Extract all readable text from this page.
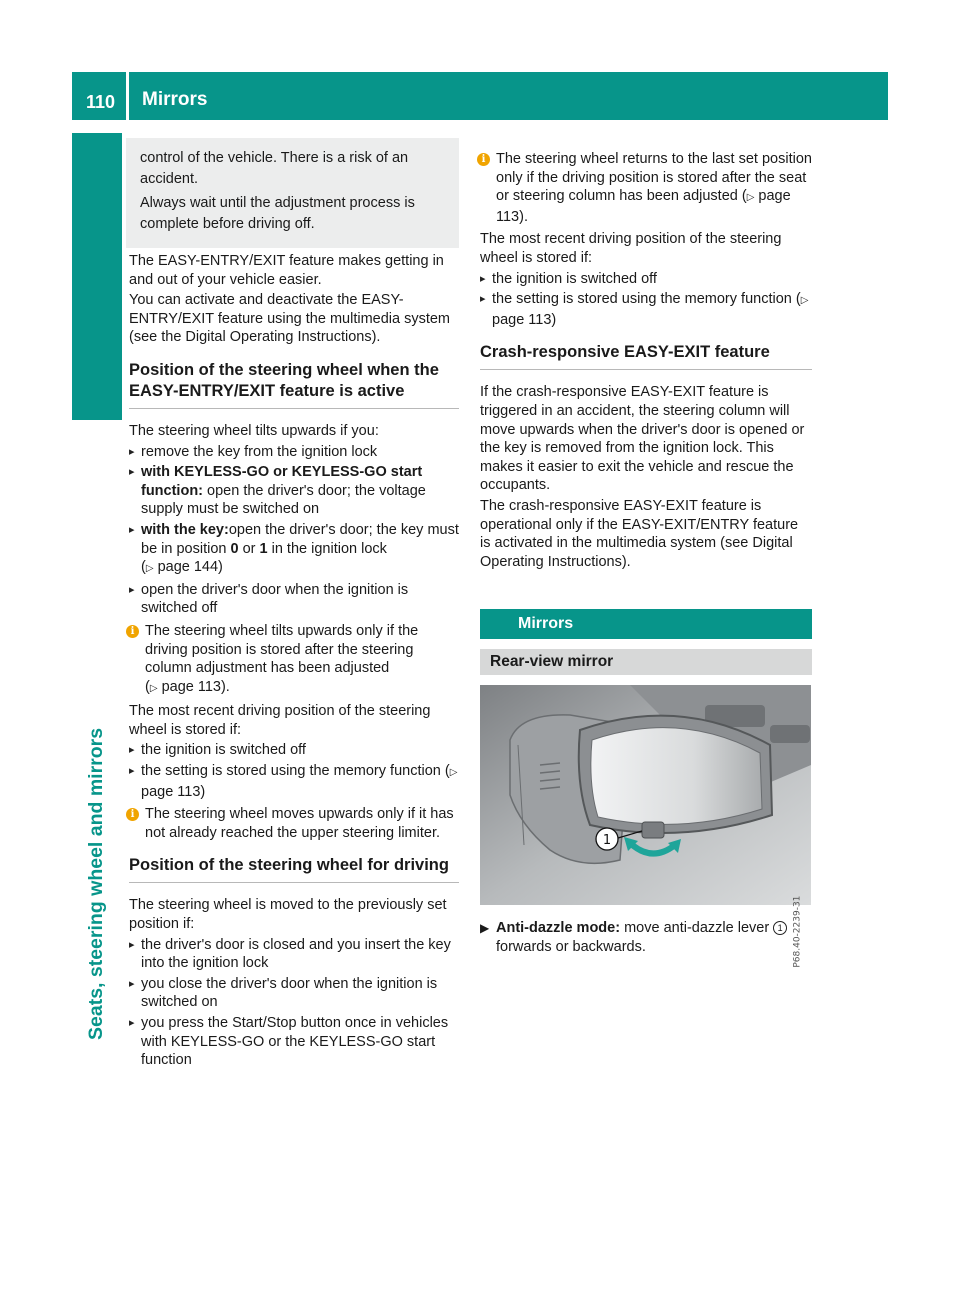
110	Mirrors
Seats, steering wheel and mirrors

control of the vehicle. There is a risk of an accident.

Always wait until the adjustment process is complete before driving off.

The EASY-ENTRY/EXIT feature makes getting in and out of your vehicle easier.

You can activate and deactivate the EASY-ENTRY/EXIT feature using the multimedia system (see the Digital Operating Instructions).

Position of the steering wheel when the EASY-ENTRY/EXIT feature is active

The steering wheel tilts upwards if you:

▸ remove the key from the ignition lock
▸ with KEYLESS-GO or KEYLESS-GO start function: open the driver's door; the voltage supply must be switched on
▸ with the key:open the driver's door; the key must be in position 0 or 1 in the ignition lock
(▷ page 144)
▸ open the driver's door when the ignition is switched off
i The steering wheel tilts upwards only if the driving position is stored after the steering column adjustment has been adjusted
(▷ page 113).

The most recent driving position of the steering wheel is stored if:

▸ the ignition is switched off
▸ the setting is stored using the memory function (▷ page 113)
i The steering wheel moves upwards only if it has not already reached the upper steering limiter.
Position of the steering wheel for driving

The steering wheel is moved to the previously set position if:

▸ the driver's door is closed and you insert the key into the ignition lock
▸ you close the driver's door when the ignition is switched on
▸ you press the Start/Stop button once in vehicles with KEYLESS-GO or the KEYLESS-GO start function
i The steering wheel returns to the last set position only if the driving position is stored after the seat or steering column has been adjusted (▷ page 113).

The most recent driving position of the steering wheel is stored if:

▸ the ignition is switched off
▸ the setting is stored using the memory function (▷ page 113)
Crash-responsive EASY-EXIT feature

If the crash-responsive EASY-EXIT feature is triggered in an accident, the steering column will move upwards when the driver's door is opened or the key is removed from the ignition lock. This makes it easier to exit the vehicle and rescue the occupants.

The crash-responsive EASY-EXIT feature is operational only if the EASY-EXIT/ENTRY feature is activated in the multimedia system (see Digital Operating Instructions).

Mirrors
Rear-view mirror
1
P68.40-2239-31
▶ Anti-dazzle mode: move anti-dazzle lever 1 forwards or backwards.
